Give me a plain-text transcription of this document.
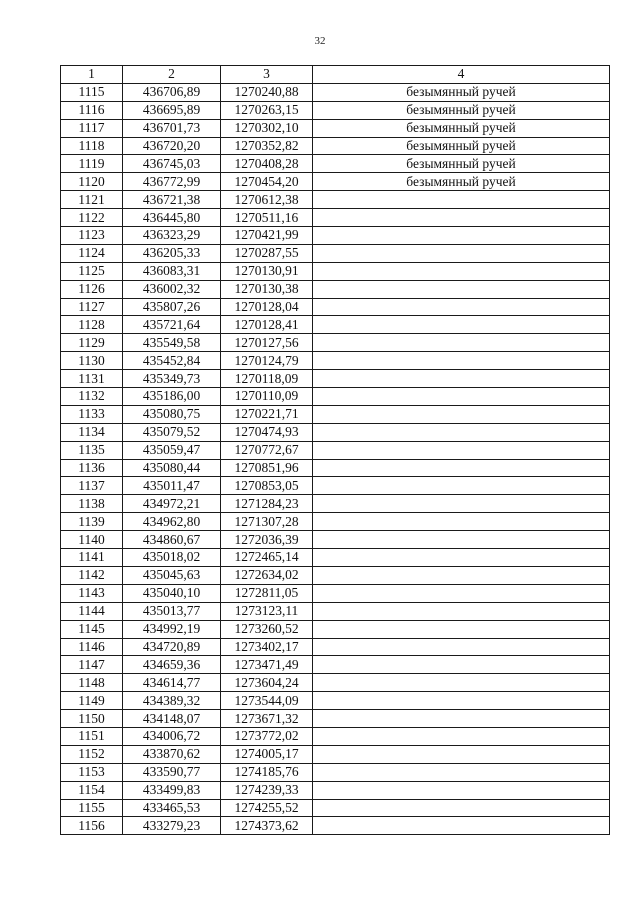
32
1	2	3	4
1115	436706,89	1270240,88	безымянный ручей
1116	436695,89	1270263,15	безымянный ручей
1117	436701,73	1270302,10	безымянный ручей
1118	436720,20	1270352,82	безымянный ручей
1119	436745,03	1270408,28	безымянный ручей
1120	436772,99	1270454,20	безымянный ручей
1121	436721,38	1270612,38	
1122	436445,80	1270511,16	
1123	436323,29	1270421,99	
1124	436205,33	1270287,55	
1125	436083,31	1270130,91	
1126	436002,32	1270130,38	
1127	435807,26	1270128,04	
1128	435721,64	1270128,41	
1129	435549,58	1270127,56	
1130	435452,84	1270124,79	
1131	435349,73	1270118,09	
1132	435186,00	1270110,09	
1133	435080,75	1270221,71	
1134	435079,52	1270474,93	
1135	435059,47	1270772,67	
1136	435080,44	1270851,96	
1137	435011,47	1270853,05	
1138	434972,21	1271284,23	
1139	434962,80	1271307,28	
1140	434860,67	1272036,39	
1141	435018,02	1272465,14	
1142	435045,63	1272634,02	
1143	435040,10	1272811,05	
1144	435013,77	1273123,11	
1145	434992,19	1273260,52	
1146	434720,89	1273402,17	
1147	434659,36	1273471,49	
1148	434614,77	1273604,24	
1149	434389,32	1273544,09	
1150	434148,07	1273671,32	
1151	434006,72	1273772,02	
1152	433870,62	1274005,17	
1153	433590,77	1274185,76	
1154	433499,83	1274239,33	
1155	433465,53	1274255,52	
1156	433279,23	1274373,62	
